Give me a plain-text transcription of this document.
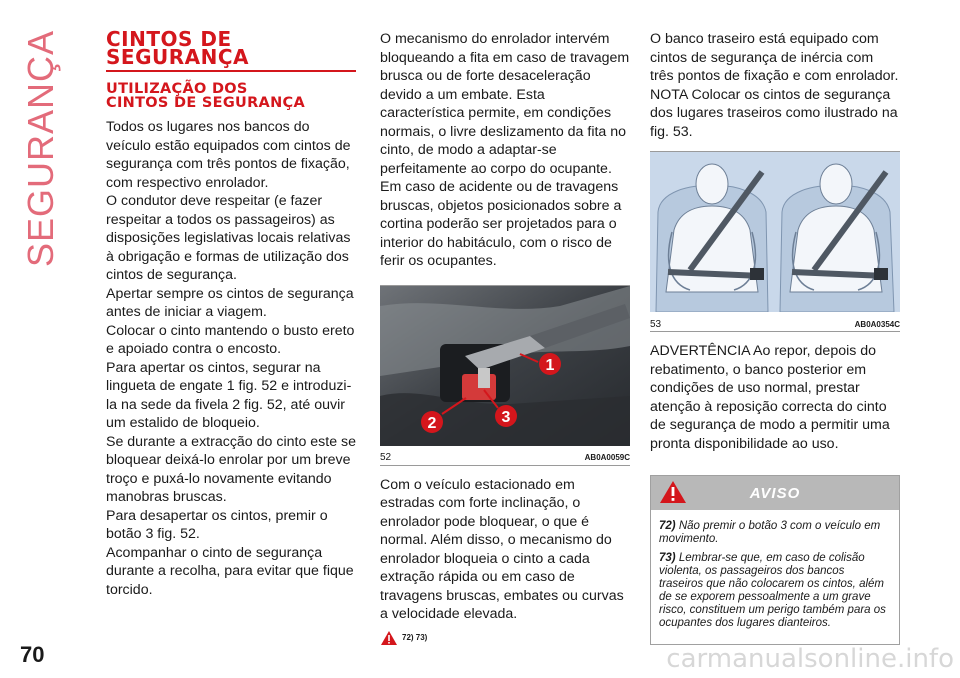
SEGURANÇA
70	carmanualsonline.info
CINTOS DE
SEGURANÇA
UTILIZAÇÃO DOS
CINTOS DE SEGURANÇA

Todos os lugares nos bancos do veículo estão equipados com cintos de segurança com três pontos de fixação, com respectivo enrolador.

O condutor deve respeitar (e fazer respeitar a todos os passageiros) as disposições legislativas locais relativas à obrigação e formas de utilização dos cintos de segurança.

Apertar sempre os cintos de segurança antes de iniciar a viagem.

Colocar o cinto mantendo o busto ereto e apoiado contra o encosto.

Para apertar os cintos, segurar na lingueta de engate 1 fig. 52 e introduzi-la na sede da fivela 2 fig. 52, até ouvir um estalido de bloqueio.

Se durante a extracção do cinto este se bloquear deixá-lo enrolar por um breve troço e puxá-lo novamente evitando manobras bruscas.

Para desapertar os cintos, premir o botão 3 fig. 52.

Acompanhar o cinto de segurança durante a recolha, para evitar que fique torcido.

O mecanismo do enrolador intervém bloqueando a fita em caso de travagem brusca ou de forte desaceleração devido a um embate. Esta característica permite, em condições normais, o livre deslizamento da fita no cinto, de modo a adaptar-se perfeitamente ao corpo do ocupante. Em caso de acidente ou de travagens bruscas, objetos posicionados sobre a cortina poderão ser projetados para o interior do habitáculo, com o risco de ferir os ocupantes.

1
2	3
52	AB0A0059C

Com o veículo estacionado em estradas com forte inclinação, o enrolador pode bloquear, o que é normal. Além disso, o mecanismo do enrolador bloqueia o cinto a cada extração rápida ou em caso de travagens bruscas, embates ou curvas a velocidade elevada.

72) 73)

O banco traseiro está equipado com cintos de segurança de inércia com três pontos de fixação e com enrolador.

NOTA Colocar os cintos de segurança dos lugares traseiros como ilustrado na fig. 53.

53	AB0A0354C

ADVERTÊNCIA Ao repor, depois do rebatimento, o banco posterior em condições de uso normal, prestar atenção à reposição correcta do cinto de segurança de modo a permitir uma pronta disponibilidade ao uso.

AVISO
72) Não premir o botão 3 com o veículo em movimento.
73) Lembrar-se que, em caso de colisão violenta, os passageiros dos bancos traseiros que não colocarem os cintos, além de se exporem pessoalmente a um grave risco, constituem um perigo também para os ocupantes dos lugares dianteiros.
